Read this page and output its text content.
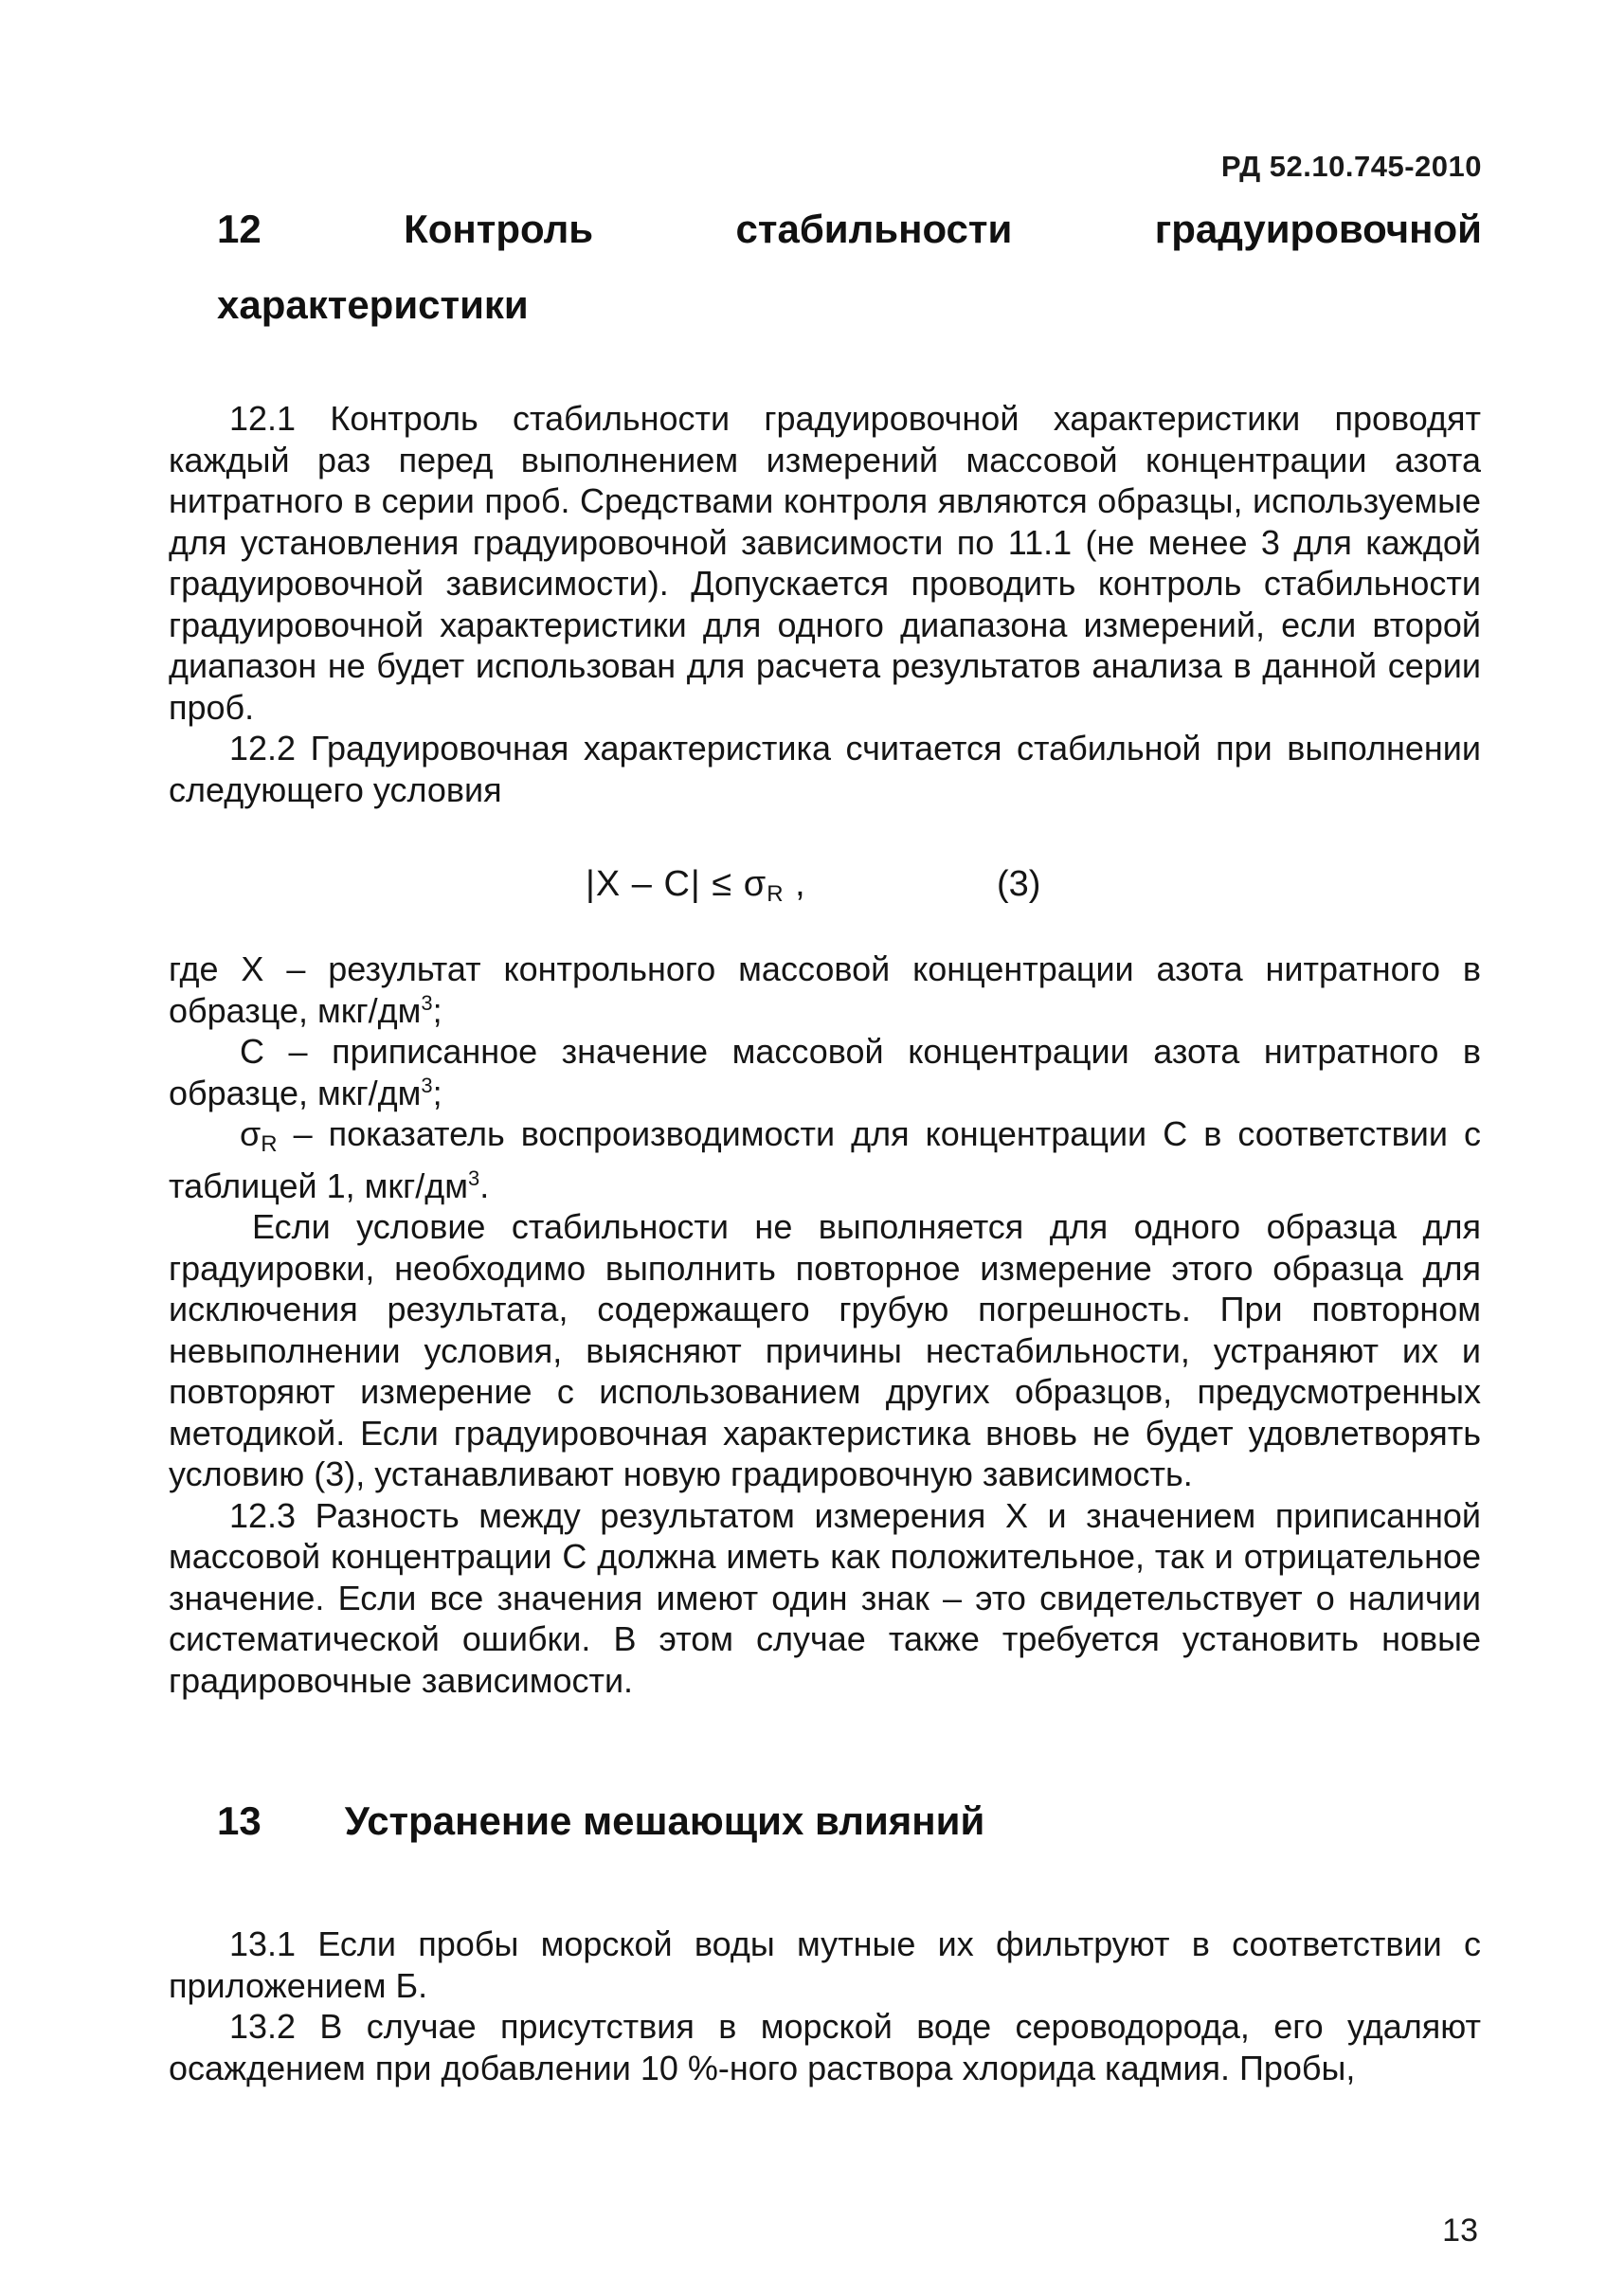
РД 52.10.745-2010
12	Контроль	стабильности	градуировочной
характеристики

12.1 Контроль стабильности градуировочной характеристики проводят каждый раз перед выполнением измерений массовой концентрации азота нитратного в серии проб. Средствами контроля являются образцы, используемые для установления градуировочной зависимости по 11.1 (не менее 3 для каждой градуировочной зависимости). Допускается проводить контроль стабильности градуировочной характеристики для одного диапазона измерений, если второй диапазон не будет использован для расчета результатов анализа в данной серии проб.

12.2 Градуировочная характеристика считается стабильной при выполнении следующего условия

$|X - C| \le \sigma_R$ ,	(3)

где X – результат контрольного массовой концентрации азота нитратного в образце, мкг/$дм^3$;

C – приписанное значение массовой концентрации азота нитратного в образце, мкг/$дм^3$;

$\sigma_R$ – показатель воспроизводимости для концентрации C в соответствии с таблицей 1, мкг/$дм^3$.

Если условие стабильности не выполняется для одного образца для градуировки, необходимо выполнить повторное измерение этого образца для исключения результата, содержащего грубую погрешность. При повторном невыполнении условия, выясняют причины нестабильности, устраняют их и повторяют измерение с использованием других образцов, предусмотренных методикой. Если градуировочная характеристика вновь не будет удовлетворять условию (3), устанавливают новую градировочную зависимость.

12.3 Разность между результатом измерения X и значением приписанной массовой концентрации C должна иметь как положительное, так и отрицательное значение. Если все значения имеют один знак – это свидетельствует о наличии систематической ошибки. В этом случае также требуется установить новые градировочные зависимости.

13 Устранение мешающих влияний

13.1 Если пробы морской воды мутные их фильтруют в соответствии с приложением Б.

13.2 В случае присутствия в морской воде сероводорода, его удаляют осаждением при добавлении 10 %-ного раствора хлорида кадмия. Пробы,

13
